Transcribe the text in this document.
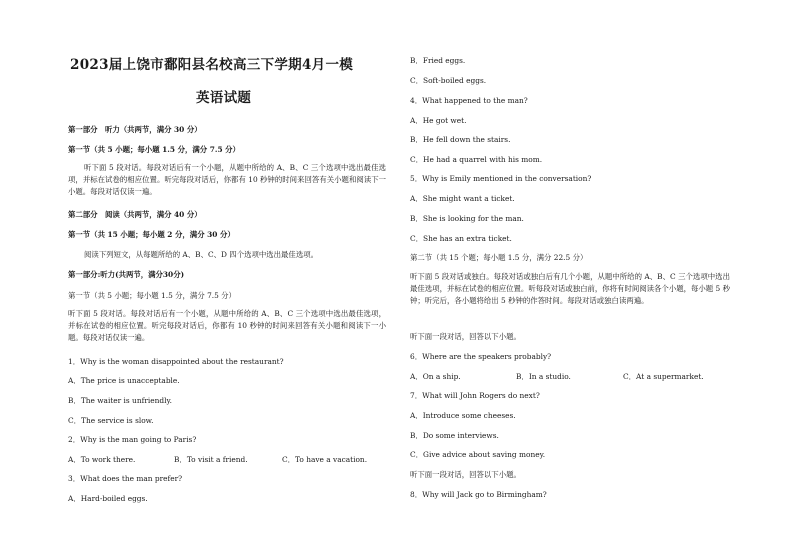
2023届上饶市鄱阳县名校高三下学期4月一模
英语试题
第一部分　听力（共两节，满分 30 分）
第一节（共 5 小题；每小题 1.5 分，满分 7.5 分）
听下面 5 段对话。每段对话后有一个小题，从题中所给的 A、B、C 三个选项中选出最佳选项，并标在试卷的相应位置。听完每段对话后，你都有 10 秒钟的时间来回答有关小题和阅读下一小题。每段对话仅读一遍。
第二部分　阅读（共两节，满分 40 分）
第一节（共 15 小题；每小题 2 分，满分 30 分）
阅读下列短文，从每题所给的 A、B、C、D 四个选项中选出最佳选项。
第一部分:听力(共两节，满分30分)
第一节（共 5 小题；每小题 1.5 分，满分 7.5 分）
听下面 5 段对话。每段对话后有一个小题，从题中所给的 A、B、C 三个选项中选出最佳选项，并标在试卷的相应位置。听完每段对话后，你都有 10 秒钟的时间来回答有关小题和阅读下一小题。每段对话仅读一遍。
1．Why is the woman disappointed about the restaurant?
A．The price is unacceptable.
B．The waiter is unfriendly.
C．The service is slow.
2．Why is the man going to Paris?
A．To work there.	B．To visit a friend.	C．To have a vacation.
3．What does the man prefer?
A．Hard-boiled eggs.
B．Fried eggs.
C．Soft-boiled eggs.
4．What happened to the man?
A．He got wet.
B．He fell down the stairs.
C．He had a quarrel with his mom.
5．Why is Emily mentioned in the conversation?
A．She might want a ticket.
B．She is looking for the man.
C．She has an extra ticket.
第二节（共 15 个题；每小题 1.5 分，满分 22.5 分）
听下面 5 段对话或独白。每段对话或独白后有几个小题，从题中所给的 A、B、C 三个选项中选出最佳选项，并标在试卷的相应位置。听每段对话或独白前，你将有时间阅读各个小题，每小题 5 秒钟；听完后，各小题将给出 5 秒钟的作答时间。每段对话或独白读两遍。
听下面一段对话，回答以下小题。
6．Where are the speakers probably?
A．On a ship.	B．In a studio.	C．At a supermarket.
7．What will John Rogers do next?
A．Introduce some cheeses.
B．Do some interviews.
C．Give advice about saving money.
听下面一段对话，回答以下小题。
8．Why will Jack go to Birmingham?
